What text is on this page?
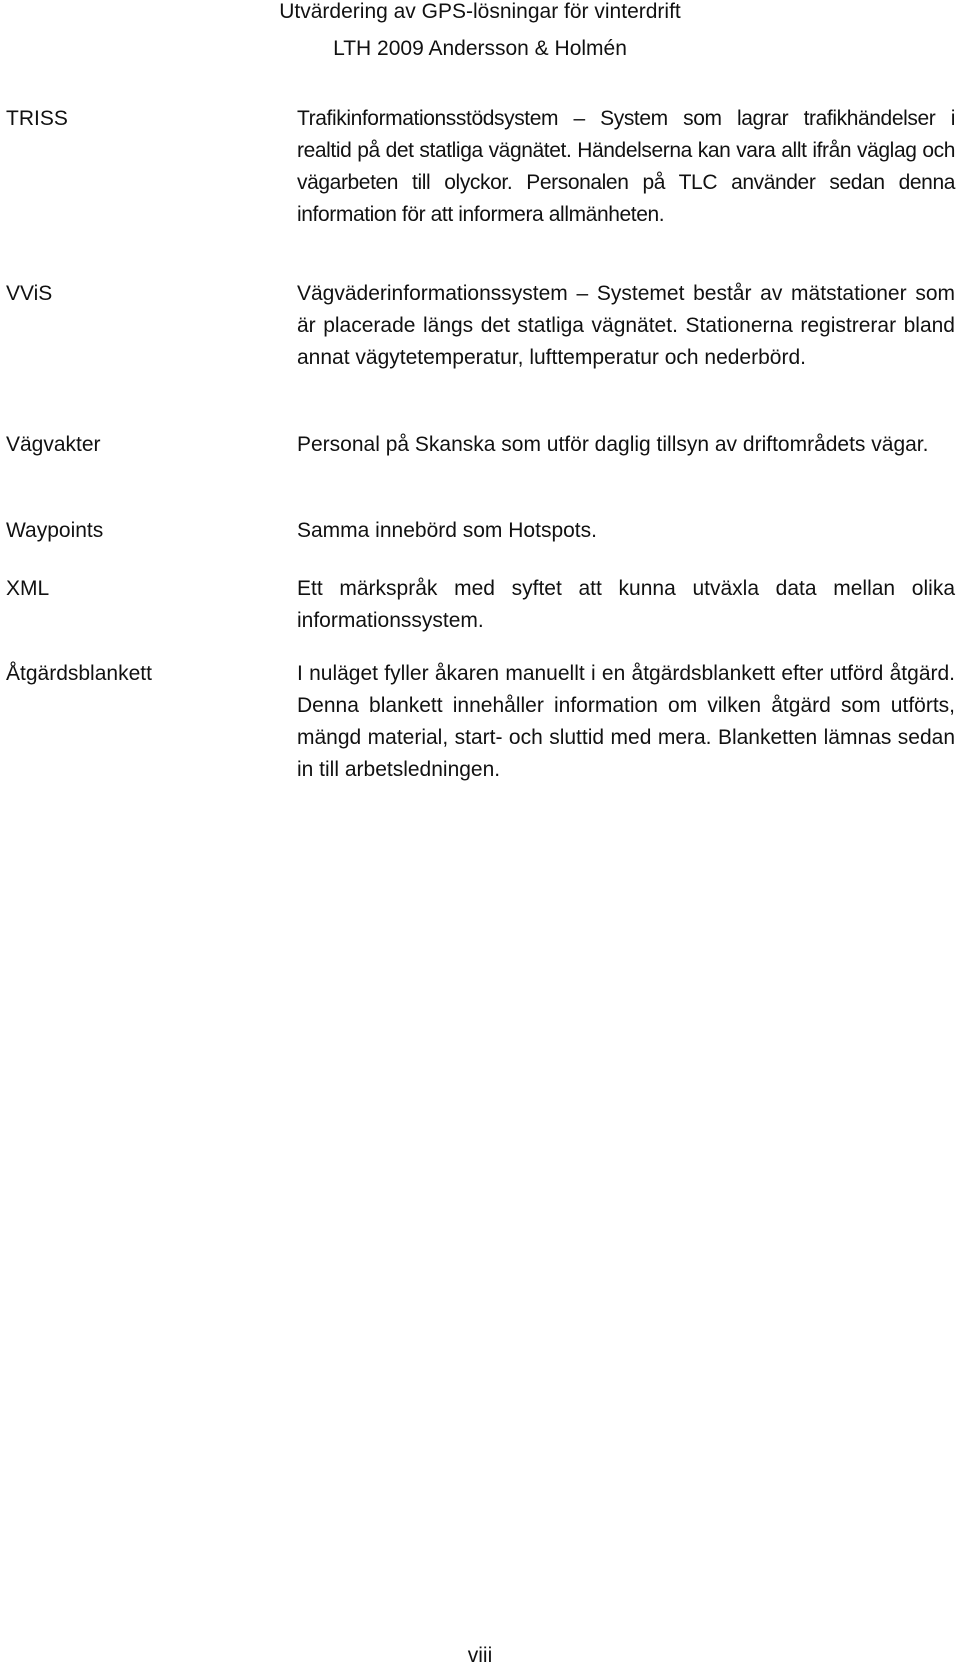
Utvärdering av GPS-lösningar för vinterdrift
LTH 2009 Andersson & Holmén
TRISS	Trafikinformationsstödsystem – System som lagrar trafikhändelser i realtid på det statliga vägnätet. Händelserna kan vara allt ifrån väglag och vägarbeten till olyckor. Personalen på TLC använder sedan denna information för att informera allmänheten.
VViS	Vägväderinformationssystem – Systemet består av mätstationer som är placerade längs det statliga vägnätet. Stationerna registrerar bland annat vägytetemperatur, lufttemperatur och nederbörd.
Vägvakter	Personal på Skanska som utför daglig tillsyn av driftområdets vägar.
Waypoints	Samma innebörd som Hotspots.
XML	Ett märkspråk med syftet att kunna utväxla data mellan olika informationssystem.
Åtgärdsblankett	I nuläget fyller åkaren manuellt i en åtgärdsblankett efter utförd åtgärd. Denna blankett innehåller information om vilken åtgärd som utförts, mängd material, start- och sluttid med mera. Blanketten lämnas sedan in till arbetsledningen.
viii
